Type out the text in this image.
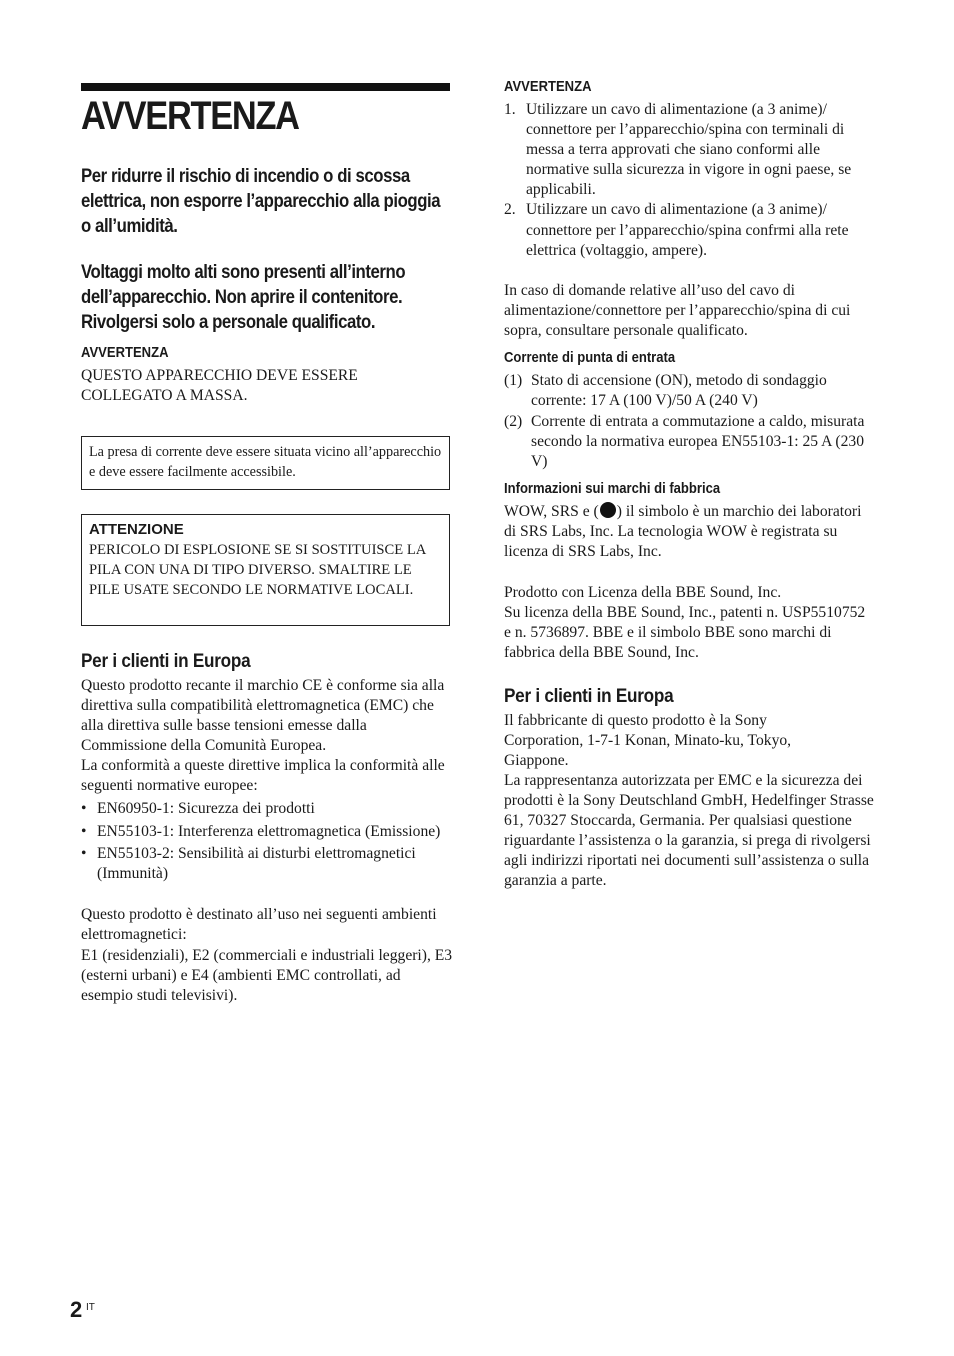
AVVERTENZA

Per ridurre il rischio di incendio o di scossa elettrica, non esporre l’apparecchio alla pioggia o all’umidità.

Voltaggi molto alti sono presenti all’interno dell’apparecchio. Non aprire il contenitore. Rivolgersi solo a personale qualificato.

AVVERTENZA

QUESTO APPARECCHIO DEVE ESSERE COLLEGATO A MASSA.

La presa di corrente deve essere situata vicino all’apparecchio e deve essere facilmente accessibile.

ATTENZIONE

PERICOLO DI ESPLOSIONE SE SI SOSTITUISCE LA PILA CON UNA DI TIPO DIVERSO. SMALTIRE LE PILE USATE SECONDO LE NORMATIVE LOCALI.

Per i clienti in Europa

Questo prodotto recante il marchio CE è conforme sia alla direttiva sulla compatibilità elettromagnetica (EMC) che alla direttiva sulle basse tensioni emesse dalla Commissione della Comunità Europea.

La conformità a queste direttive implica la conformità alle seguenti normative europee:

• EN60950-1: Sicurezza dei prodotti
• EN55103-1: Interferenza elettromagnetica (Emissione)
• EN55103-2: Sensibilità ai disturbi elettromagnetici (Immunità)

Questo prodotto è destinato all’uso nei seguenti ambienti elettromagnetici:

E1 (residenziali), E2 (commerciali e industriali leggeri), E3 (esterni urbani) e E4 (ambienti EMC controllati, ad esempio studi televisivi).

AVVERTENZA

1. Utilizzare un cavo di alimentazione (a 3 anime)/ connettore per l’apparecchio/spina con terminali di messa a terra approvati che siano conformi alle normative sulla sicurezza in vigore in ogni paese, se applicabili.
2. Utilizzare un cavo di alimentazione (a 3 anime)/ connettore per l’apparecchio/spina confrmi alla rete elettrica (voltaggio, ampere).

In caso di domande relative all’uso del cavo di alimentazione/connettore per l’apparecchio/spina di cui sopra, consultare personale qualificato.

Corrente di punta di entrata

(1) Stato di accensione (ON), metodo di sondaggio corrente: 17 A (100 V)/50 A (240 V)
(2) Corrente di entrata a commutazione a caldo, misurata secondo la normativa europea EN55103-1: 25 A (230 V)

Informazioni sui marchi di fabbrica

WOW, SRS e ( ) il simbolo è un marchio dei laboratori di SRS Labs, Inc. La tecnologia WOW è registrata su licenza di SRS Labs, Inc.

Prodotto con Licenza della BBE Sound, Inc.

Su licenza della BBE Sound, Inc., patenti n. USP5510752 e n. 5736897. BBE e il simbolo BBE sono marchi di fabbrica della BBE Sound, Inc.

Per i clienti in Europa

Il fabbricante di questo prodotto è la Sony Corporation, 1-7-1 Konan, Minato-ku, Tokyo, Giappone.

La rappresentanza autorizzata per EMC e la sicurezza dei prodotti è la Sony Deutschland GmbH, Hedelfinger Strasse 61, 70327 Stoccarda, Germania. Per qualsiasi questione riguardante l’assistenza o la garanzia, si prega di rivolgersi agli indirizzi riportati nei documenti sull’assistenza o sulla garanzia a parte.

2 IT
